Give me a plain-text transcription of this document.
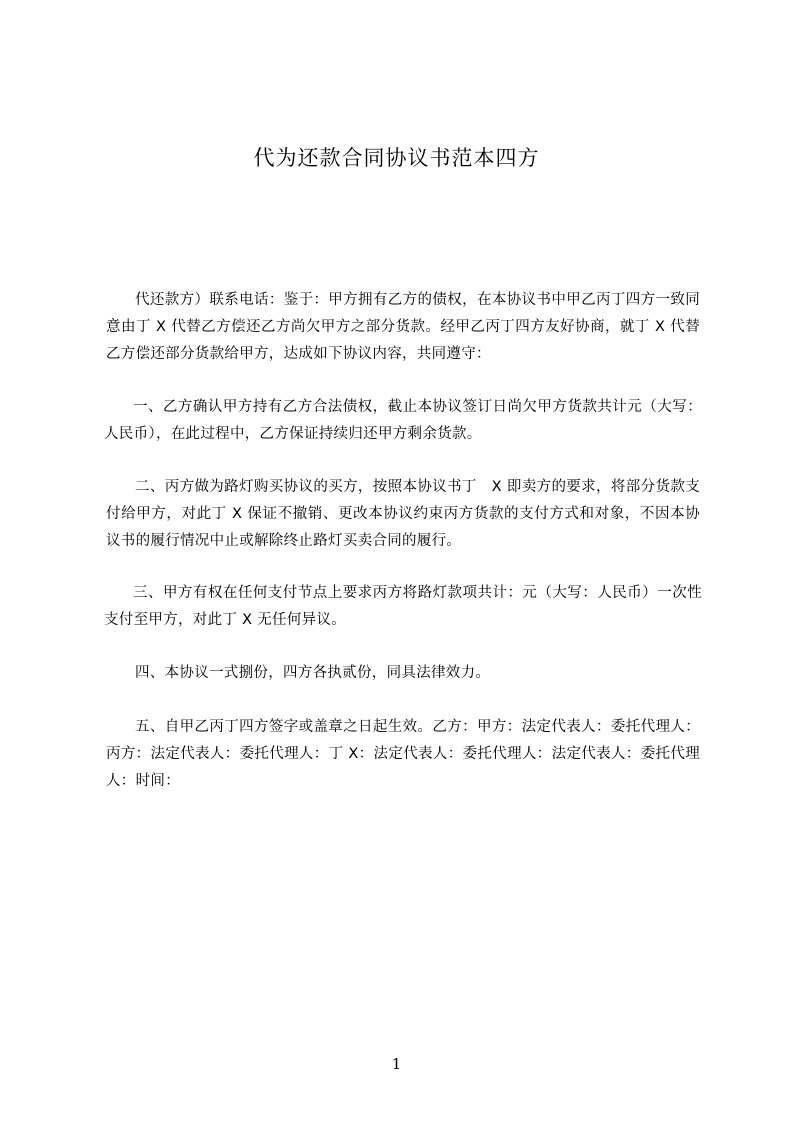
代为还款合同协议书范本四方

代还款方）联系电话：鉴于：甲方拥有乙方的债权，在本协议书中甲乙丙丁四方一致同意由丁 X 代替乙方偿还乙方尚欠甲方之部分货款。经甲乙丙丁四方友好协商，就丁 X 代替乙方偿还部分货款给甲方，达成如下协议内容，共同遵守：

一、乙方确认甲方持有乙方合法债权，截止本协议签订日尚欠甲方货款共计元（大写：人民币），在此过程中，乙方保证持续归还甲方剩余货款。

二、丙方做为路灯购买协议的买方，按照本协议书丁　X 即卖方的要求，将部分货款支付给甲方，对此丁 X 保证不撤销、更改本协议约束丙方货款的支付方式和对象，不因本协议书的履行情况中止或解除终止路灯买卖合同的履行。

三、甲方有权在任何支付节点上要求丙方将路灯款项共计：元（大写：人民币）一次性支付至甲方，对此丁 X 无任何异议。

四、本协议一式捌份，四方各执贰份，同具法律效力。

五、自甲乙丙丁四方签字或盖章之日起生效。乙方：甲方：法定代表人：委托代理人：丙方：法定代表人：委托代理人：丁 X：法定代表人：委托代理人：法定代表人：委托代理人：时间：

1
